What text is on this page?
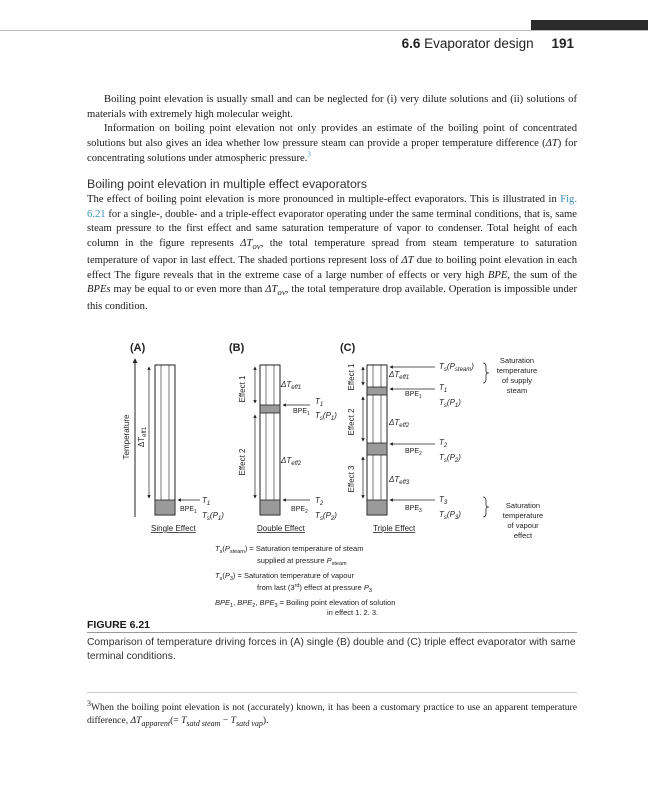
6.6 Evaporator design 191

Boiling point elevation is usually small and can be neglected for (i) very dilute solutions and (ii) solutions of materials with extremely high molecular weight.

Information on boiling point elevation not only provides an estimate of the boiling point of concentrated solutions but also gives an idea whether low pressure steam can provide a proper temperature difference (ΔT) for concentrating solutions under atmospheric pressure.$^3$

Boiling point elevation in multiple effect evaporators

The effect of boiling point elevation is more pronounced in multiple-effect evaporators. This is illustrated in Fig. 6.21 for a single-, double- and a triple-effect evaporator operating under the same terminal conditions, that is, same steam pressure to the first effect and same saturation temperature of vapor to condenser. Total height of each column in the figure represents $\Delta T_{ov}$, the total temperature spread from steam temperature to saturation temperature of vapor in last effect. The shaded portions represent loss of ΔT due to boiling point elevation in each effect The figure reveals that in the extreme case of a large number of effects or very high BPE, the sum of the BPEs may be equal to or even more than $\Delta T_{ov}$, the total temperature drop available. Operation is impossible under this condition.

(A)	(B)	(C)
Temperature $\Delta T_{eff1}$
$BPE_1$
$T_1$
$T_s(P_1)$
Single Effect
Effect 1
Effect 2
$\Delta T_{eff1}$
$\Delta T_{eff2}$
$BPE_1$
$T_1$
$T_s(P_1)$
$BPE_2$
$T_2$
$T_s(P_2)$
Double Effect
Effect 1
Effect 2
Effect 3
$\Delta T_{eff1}$
$\Delta T_{eff2}$
$\Delta T_{eff3}$
$BPE_1$
$BPE_2$
$BPE_3$
$T_s(P_{steam})$
$T_1$
$T_s(P_1)$
$T_2$
$T_s(P_2)$
$T_3$
$T_s(P_3)$
Triple Effect
Saturation
temperature
of supply
steam
Saturation
temperature
of vapour
effect
$T_s(P_{steam})$ = Saturation temperature of steam
supplied at pressure $P_{steam}$
$T_s(P_3)$ = Saturation temperature of vapour
from last (3rd) effect at pressure $P_3$
$BPE_1$, $BPE_2$, $BPE_3$ = Boiling point elevation of solution
in effect 1, 2, 3.
FIGURE 6.21
Comparison of temperature driving forces in (A) single (B) double and (C) triple effect evaporator with same terminal conditions.
$^3$When the boiling point elevation is not (accurately) known, it has been a customary practice to use an apparent temperature difference, $\Delta T_{apparent}(= T_{satd steam} - T_{satd vap})$.
